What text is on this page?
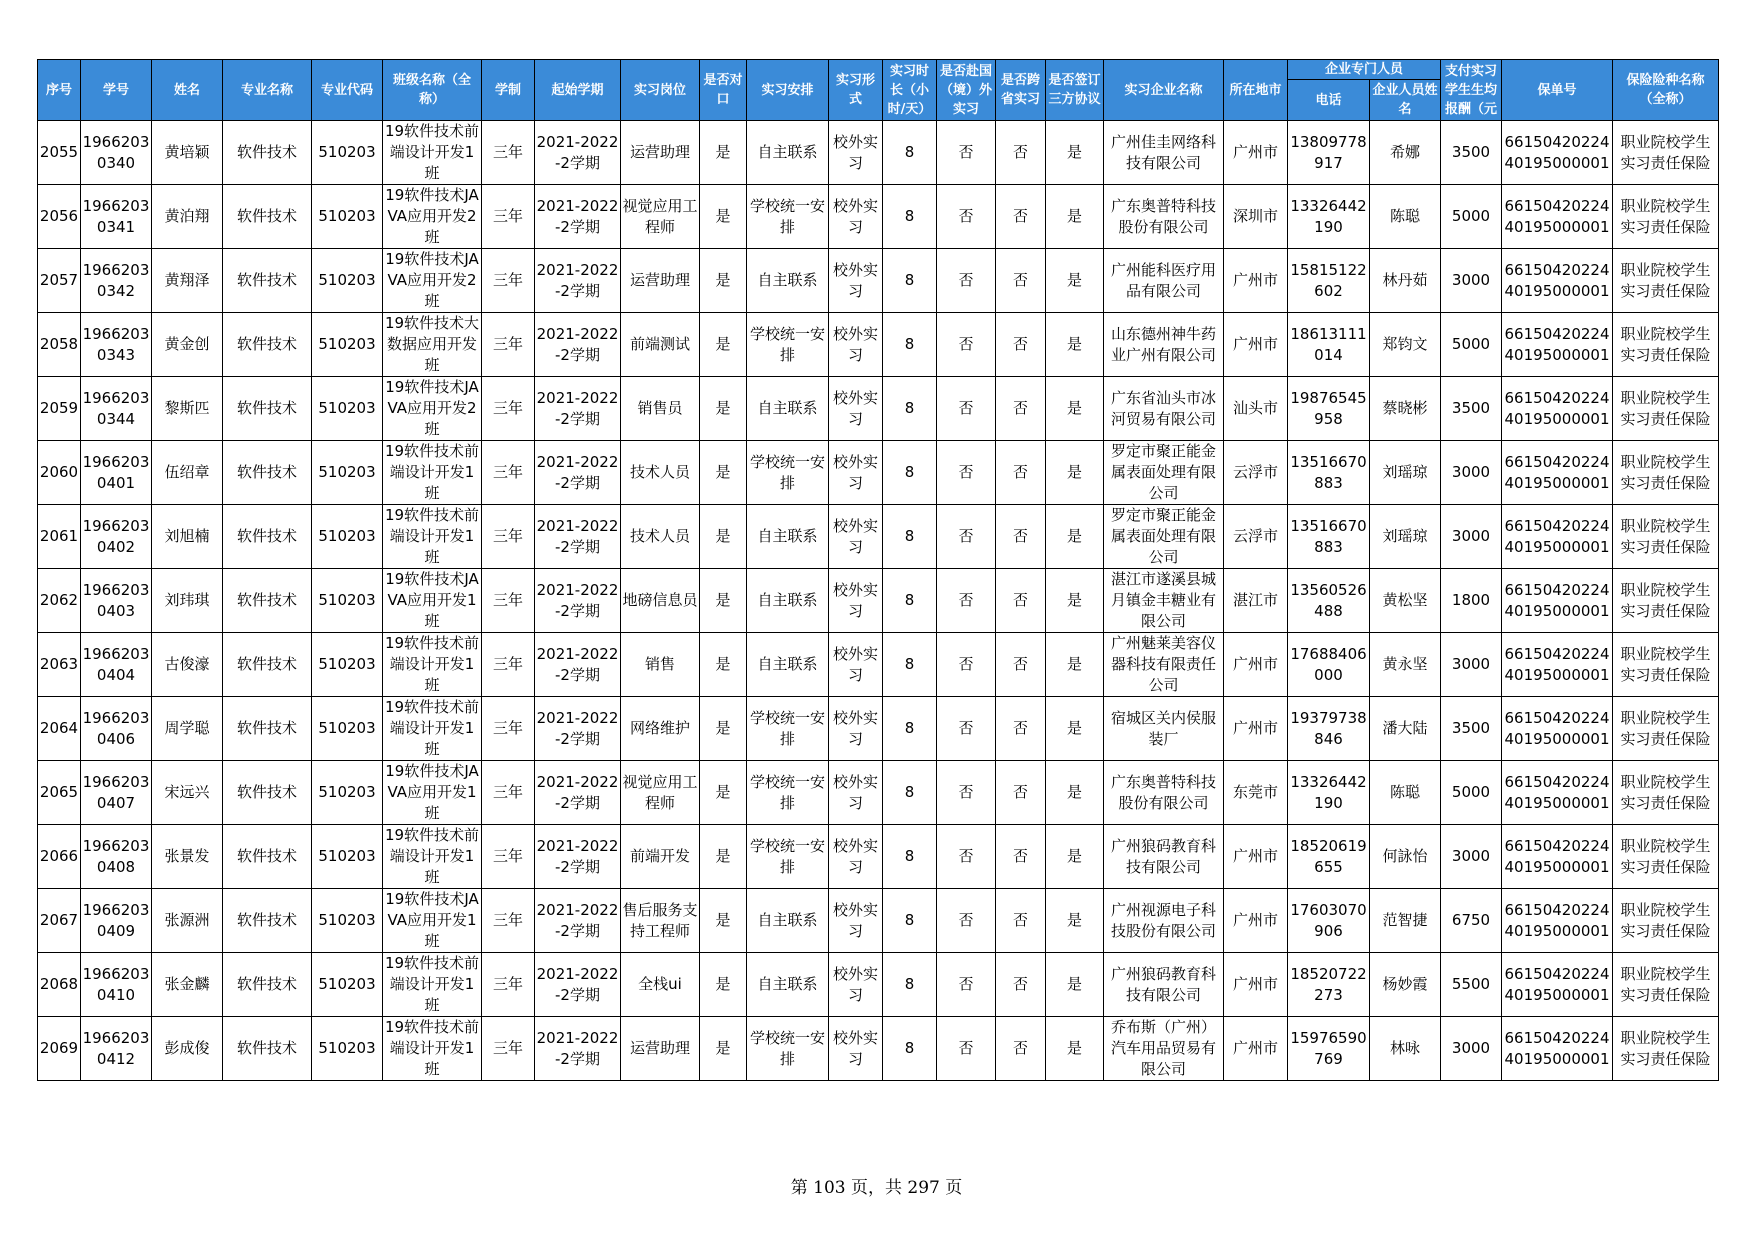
序号	学号	姓名	专业名称	专业代码	班级名称（全称）	学制	起始学期	实习岗位	是否对口	实习安排	实习形式	实习时长（小时/天）	是否赴国（境）外实习	是否跨省实习	是否签订三方协议	实习企业名称	所在地市	企业专门人员		支付实习学生生均报酬（元	保单号	保险险种名称（全称）
																		电话	企业人员姓名			

2055	19662030340	黄培颖	软件技术	510203	19软件技术前端设计开发1班	三年	2021-2022-2学期	运营助理	是	自主联系	校外实习	8	否	否	是	广州佳圭网络科技有限公司	广州市	13809778917	希娜	3500	6615042022440195000001	职业院校学生实习责任保险

2056	19662030341	黄泊翔	软件技术	510203	19软件技术JAVA应用开发2班	三年	2021-2022-2学期	视觉应用工程师	是	学校统一安排	校外实习	8	否	否	是	广东奥普特科技股份有限公司	深圳市	13326442190	陈聪	5000	6615042022440195000001	职业院校学生实习责任保险

2057	19662030342	黄翔泽	软件技术	510203	19软件技术JAVA应用开发2班	三年	2021-2022-2学期	运营助理	是	自主联系	校外实习	8	否	否	是	广州能科医疗用品有限公司	广州市	15815122602	林丹茹	3000	6615042022440195000001	职业院校学生实习责任保险

2058	19662030343	黄金创	软件技术	510203	19软件技术大数据应用开发班	三年	2021-2022-2学期	前端测试	是	学校统一安排	校外实习	8	否	否	是	山东德州神牛药业广州有限公司	广州市	18613111014	郑钧文	5000	6615042022440195000001	职业院校学生实习责任保险

2059	19662030344	黎斯匹	软件技术	510203	19软件技术JAVA应用开发2班	三年	2021-2022-2学期	销售员	是	自主联系	校外实习	8	否	否	是	广东省汕头市冰河贸易有限公司	汕头市	19876545958	蔡晓彬	3500	6615042022440195000001	职业院校学生实习责任保险

2060	19662030401	伍绍章	软件技术	510203	19软件技术前端设计开发1班	三年	2021-2022-2学期	技术人员	是	学校统一安排	校外实习	8	否	否	是	罗定市聚正能金属表面处理有限公司	云浮市	13516670883	刘瑶琼	3000	6615042022440195000001	职业院校学生实习责任保险

2061	19662030402	刘旭楠	软件技术	510203	19软件技术前端设计开发1班	三年	2021-2022-2学期	技术人员	是	自主联系	校外实习	8	否	否	是	罗定市聚正能金属表面处理有限公司	云浮市	13516670883	刘瑶琼	3000	6615042022440195000001	职业院校学生实习责任保险

2062	19662030403	刘玮琪	软件技术	510203	19软件技术JAVA应用开发1班	三年	2021-2022-2学期	地磅信息员	是	自主联系	校外实习	8	否	否	是	湛江市遂溪县城月镇金丰糖业有限公司	湛江市	13560526488	黄松坚	1800	6615042022440195000001	职业院校学生实习责任保险

2063	19662030404	古俊濠	软件技术	510203	19软件技术前端设计开发1班	三年	2021-2022-2学期	销售	是	自主联系	校外实习	8	否	否	是	广州魅莱美容仪器科技有限责任公司	广州市	17688406000	黄永坚	3000	6615042022440195000001	职业院校学生实习责任保险

2064	19662030406	周学聪	软件技术	510203	19软件技术前端设计开发1班	三年	2021-2022-2学期	网络维护	是	学校统一安排	校外实习	8	否	否	是	宿城区关内侯服装厂	广州市	19379738846	潘大陆	3500	6615042022440195000001	职业院校学生实习责任保险

2065	19662030407	宋远兴	软件技术	510203	19软件技术JAVA应用开发1班	三年	2021-2022-2学期	视觉应用工程师	是	学校统一安排	校外实习	8	否	否	是	广东奥普特科技股份有限公司	东莞市	13326442190	陈聪	5000	6615042022440195000001	职业院校学生实习责任保险

2066	19662030408	张景发	软件技术	510203	19软件技术前端设计开发1班	三年	2021-2022-2学期	前端开发	是	学校统一安排	校外实习	8	否	否	是	广州狼码教育科技有限公司	广州市	18520619655	何詠怡	3000	6615042022440195000001	职业院校学生实习责任保险

2067	19662030409	张源洲	软件技术	510203	19软件技术JAVA应用开发1班	三年	2021-2022-2学期	售后服务支持工程师	是	自主联系	校外实习	8	否	否	是	广州视源电子科技股份有限公司	广州市	17603070906	范智捷	6750	6615042022440195000001	职业院校学生实习责任保险

2068	19662030410	张金麟	软件技术	510203	19软件技术前端设计开发1班	三年	2021-2022-2学期	全栈ui	是	自主联系	校外实习	8	否	否	是	广州狼码教育科技有限公司	广州市	18520722273	杨妙霞	5500	6615042022440195000001	职业院校学生实习责任保险

2069	19662030412	彭成俊	软件技术	510203	19软件技术前端设计开发1班	三年	2021-2022-2学期	运营助理	是	学校统一安排	校外实习	8	否	否	是	乔布斯（广州）汽车用品贸易有限公司	广州市	15976590769	林咏	3000	6615042022440195000001	职业院校学生实习责任保险
第 103 页，共 297 页
